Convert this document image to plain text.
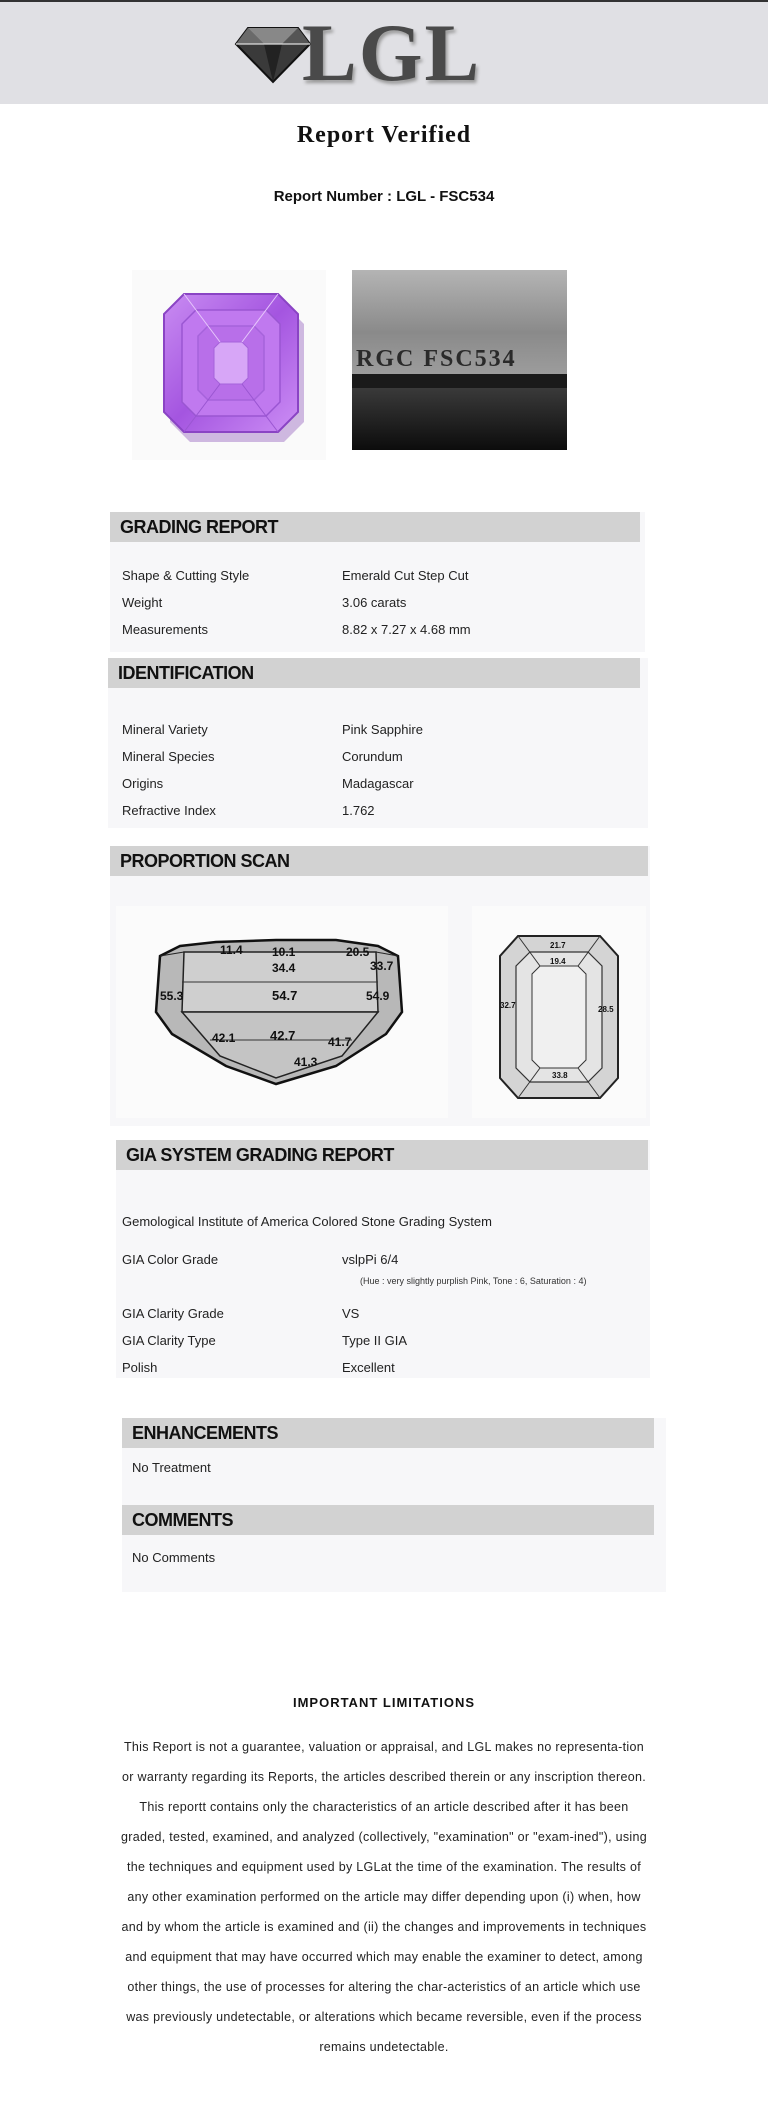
LGL
Report Verified
Report Number : LGL - FSC534
RGC FSC534
GRADING REPORT
Shape & Cutting Style	Emerald Cut Step Cut
Weight	3.06 carats
Measurements	8.82 x 7.27 x 4.68 mm
IDENTIFICATION
Mineral Variety	Pink Sapphire
Mineral Species	Corundum
Origins	Madagascar
Refractive Index	1.762
PROPORTION SCAN
54.7
42.7
34.4
55.3	54.9
42.1	41.7
41.3
11.4 10.1	20.5
33.7
21.7
32.7	28.5
33.8
19.4
GIA SYSTEM GRADING REPORT
Gemological Institute of America Colored Stone Grading System
GIA Color Grade	vslpPi 6/4
(Hue : very slightly purplish Pink, Tone : 6, Saturation : 4)
GIA Clarity Grade	VS
GIA Clarity Type	Type II GIA
Polish	Excellent
ENHANCEMENTS
No Treatment
COMMENTS
No Comments
IMPORTANT LIMITATIONS
This Report is not a guarantee, valuation or appraisal, and LGL makes no representa-tion or warranty regarding its Reports, the articles described therein or any inscription thereon. This reportt contains only the characteristics of an article described after it has been graded, tested, examined, and analyzed (collectively, "examination" or "exam-ined"), using the techniques and equipment used by LGLat the time of the examination. The results of any other examination performed on the article may differ depending upon (i) when, how and by whom the article is examined and (ii) the changes and improvements in techniques and equipment that may have occurred which may enable the examiner to detect, among other things, the use of processes for altering the char-acteristics of an article which use was previously undetectable, or alterations which became reversible, even if the process remains undetectable.
